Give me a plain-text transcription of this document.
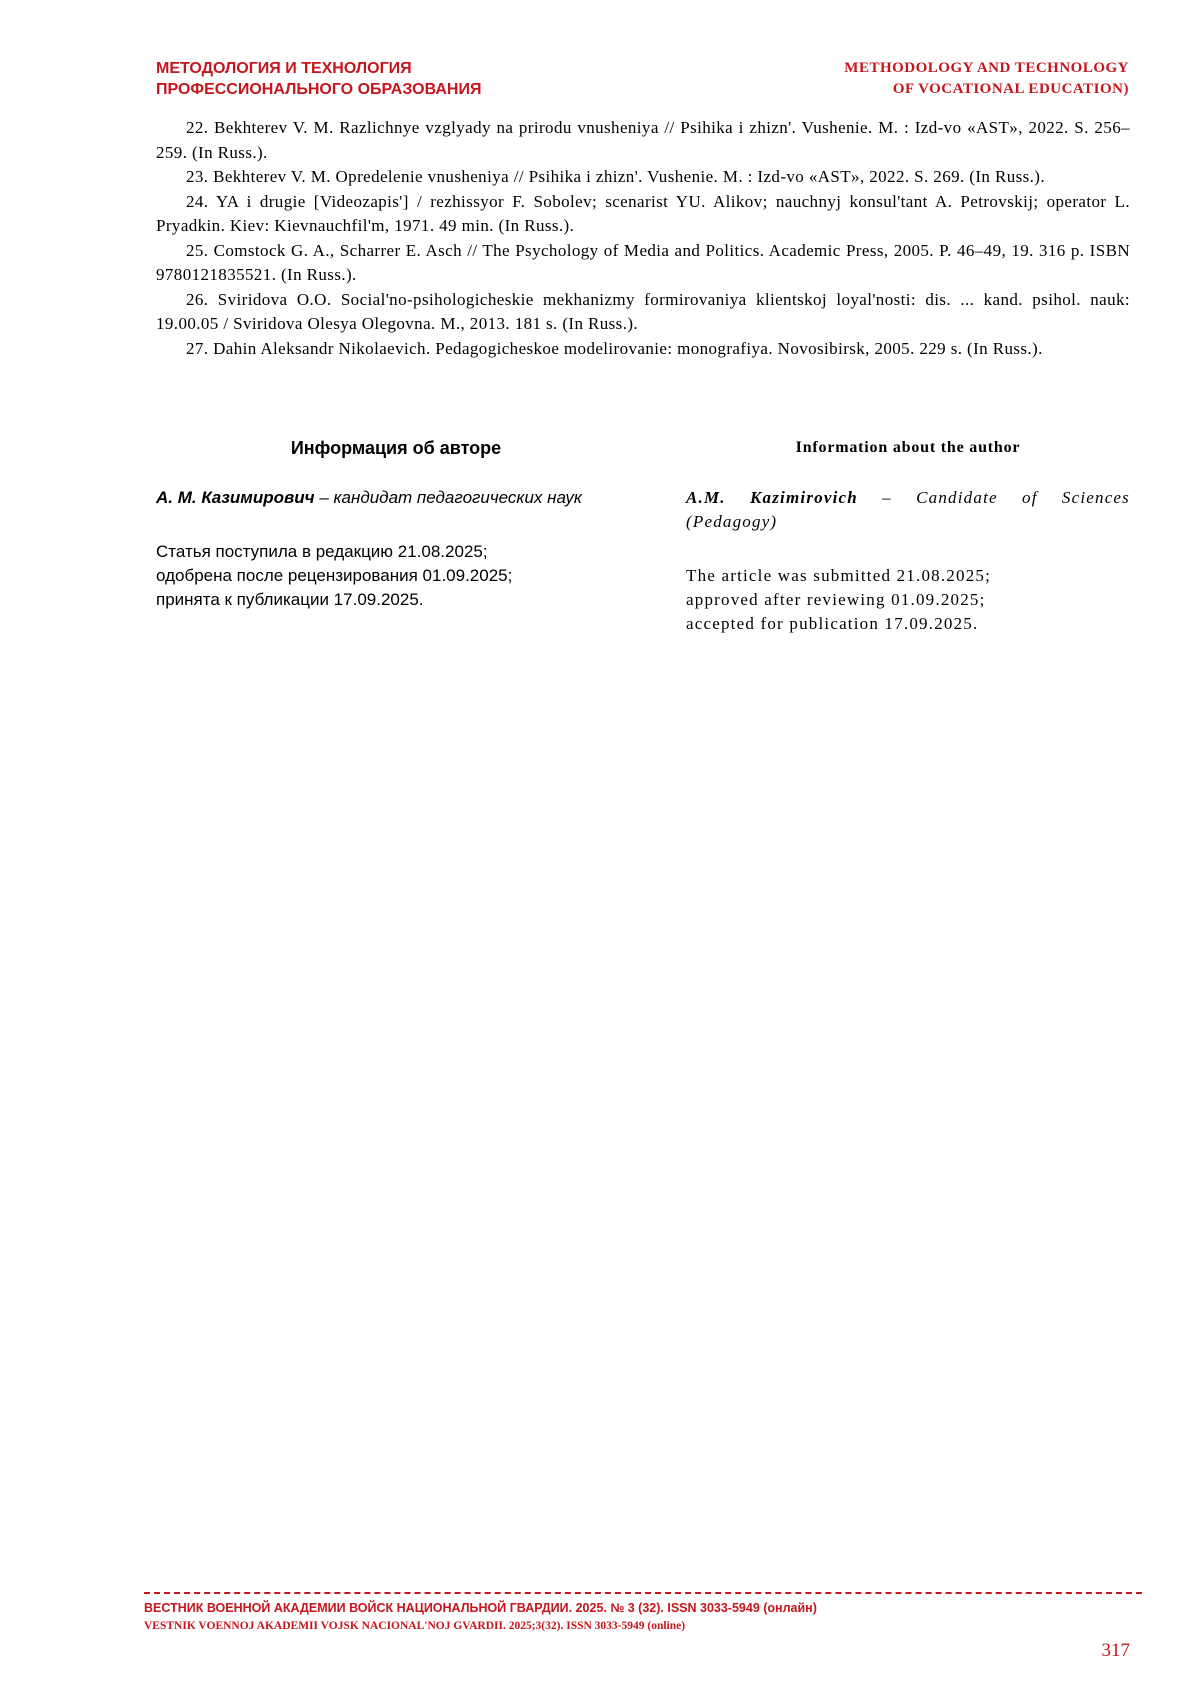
МЕТОДОЛОГИЯ И ТЕХНОЛОГИЯ
ПРОФЕССИОНАЛЬНОГО ОБРАЗОВАНИЯ
METHODOLOGY AND TECHNOLOGY
OF VOCATIONAL EDUCATION)

22. Bekhterev V. M. Razlichnye vzglyady na prirodu vnusheniya // Psihika i zhizn'. Vushenie. M. : Izd-vo «AST», 2022. S. 256–259. (In Russ.).

23. Bekhterev V. M. Opredelenie vnusheniya // Psihika i zhizn'. Vushenie. M. : Izd-vo «AST», 2022. S. 269. (In Russ.).

24. YA i drugie [Videozapis'] / rezhissyor F. Sobolev; scenarist YU. Alikov; nauchnyj konsul'tant A. Petrovskij; operator L. Pryadkin. Kiev: Kievnauchfil'm, 1971. 49 min. (In Russ.).

25. Comstock G. A., Scharrer E. Asch // The Psychology of Media and Politics. Academic Press, 2005. P. 46–49, 19. 316 p. ISBN 9780121835521. (In Russ.).

26. Sviridova O.O. Social'no-psihologicheskie mekhanizmy formirovaniya klientskoj loyal'nosti: dis. ... kand. psihol. nauk: 19.00.05 / Sviridova Olesya Olegovna. M., 2013. 181 s. (In Russ.).

27. Dahin Aleksandr Nikolaevich. Pedagogicheskoe modelirovanie: monografiya. Novosibirsk, 2005. 229 s. (In Russ.).

Информация об авторе

А. М. Казимирович – кандидат педагогических наук

Статья поступила в редакцию 21.08.2025;
одобрена после рецензирования 01.09.2025;
принята к публикации 17.09.2025.

Information about the author

A.M. Kazimirovich – Candidate of Sciences (Pedagogy)

The article was submitted 21.08.2025;
approved after reviewing 01.09.2025;
accepted for publication 17.09.2025.
ВЕСТНИК ВОЕННОЙ АКАДЕМИИ ВОЙСК НАЦИОНАЛЬНОЙ ГВАРДИИ. 2025. № 3 (32). ISSN 3033-5949 (онлайн)
VESTNIK VOENNOJ AKADEMII VOJSK NACIONAL'NOJ GVARDII. 2025;3(32). ISSN 3033-5949 (online)
317
